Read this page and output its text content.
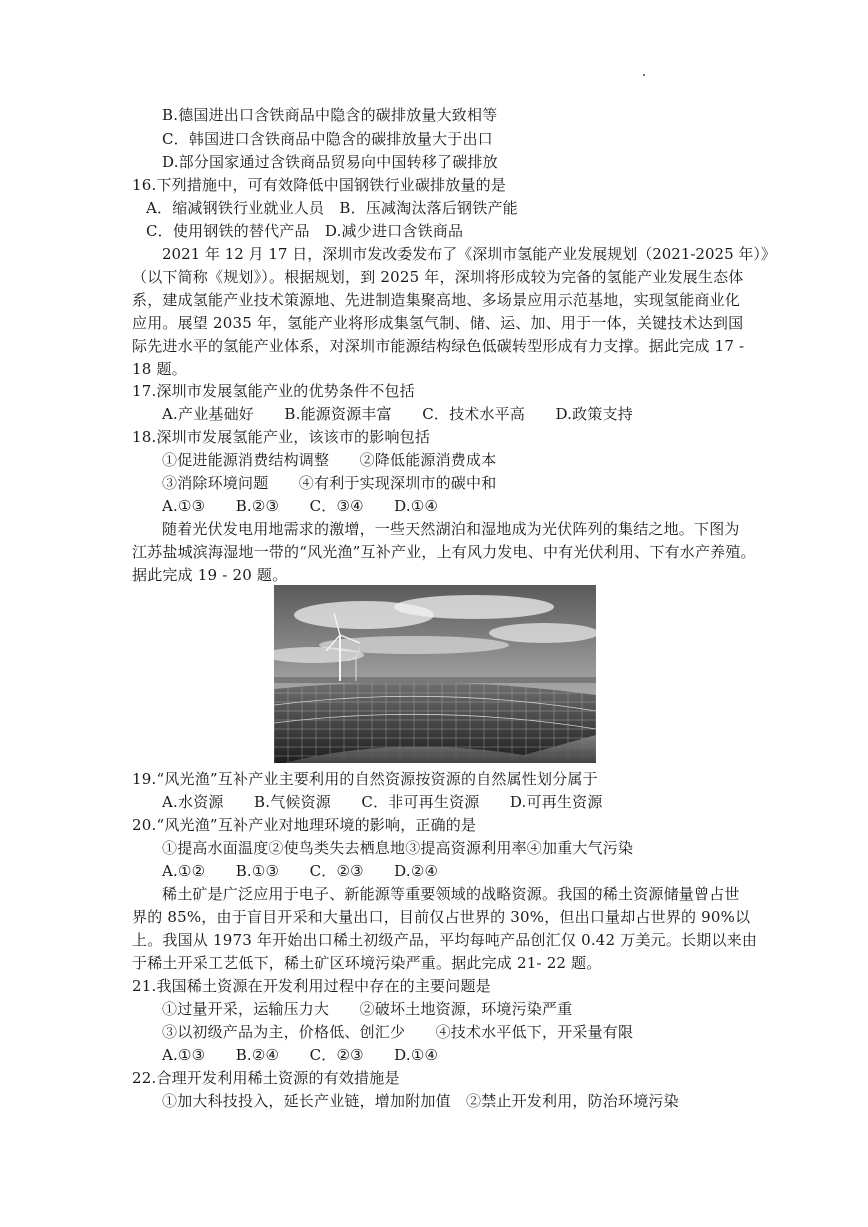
B.德国进出口含铁商品中隐含的碳排放量大致相等
C．韩国进口含铁商品中隐含的碳排放量大于出口
D.部分国家通过含铁商品贸易向中国转移了碳排放
16.下列措施中，可有效降低中国钢铁行业碳排放量的是
A．缩减钢铁行业就业人员　B．压减淘汰落后钢铁产能
C．使用钢铁的替代产品　D.减少进口含铁商品
2021 年 12 月 17 日，深圳市发改委发布了《深圳市氢能产业发展规划（2021-2025 年）》
（以下简称《规划》）。根据规划，到 2025 年，深圳将形成较为完备的氢能产业发展生态体
系，建成氢能产业技术策源地、先进制造集聚高地、多场景应用示范基地，实现氢能商业化
应用。展望 2035 年，氢能产业将形成集氢气制、储、运、加、用于一体，关键技术达到国
际先进水平的氢能产业体系，对深圳市能源结构绿色低碳转型形成有力支撑。据此完成 17 -
18 题。
17.深圳市发展氢能产业的优势条件不包括
A.产业基础好　　B.能源资源丰富　　C．技术水平高　　D.政策支持
18.深圳市发展氢能产业，该该市的影响包括
①促进能源消费结构调整　　②降低能源消费成本
③消除环境问题　　④有利于实现深圳市的碳中和
A.①③　　B.②③　　C．③④　　D.①④
随着光伏发电用地需求的激增，一些天然湖泊和湿地成为光伏阵列的集结之地。下图为
江苏盐城滨海湿地一带的“风光渔”互补产业，上有风力发电、中有光伏利用、下有水产养殖。
据此完成 19 - 20 题。
19.“风光渔”互补产业主要利用的自然资源按资源的自然属性划分属于
A.水资源　　B.气候资源　　C．非可再生资源　　D.可再生资源
20.“风光渔”互补产业对地理环境的影响，正确的是
①提高水面温度②使鸟类失去栖息地③提高资源利用率④加重大气污染
A.①②　　B.①③　　C．②③　　D.②④
稀土矿是广泛应用于电子、新能源等重要领域的战略资源。我国的稀土资源储量曾占世
界的 85%，由于盲目开采和大量出口，目前仅占世界的 30%，但出口量却占世界的 90%以
上。我国从 1973 年开始出口稀土初级产品，平均每吨产品创汇仅 0.42 万美元。长期以来由
于稀土开采工艺低下，稀土矿区环境污染严重。据此完成 21- 22 题。
21.我国稀土资源在开发利用过程中存在的主要问题是
①过量开采，运输压力大　　②破坏土地资源，环境污染严重
③以初级产品为主，价格低、创汇少　　④技术水平低下，开采量有限
A.①③　　B.②④　　C．②③　　D.①④
22.合理开发利用稀土资源的有效措施是
①加大科技投入，延长产业链，增加附加值　②禁止开发利用，防治环境污染
